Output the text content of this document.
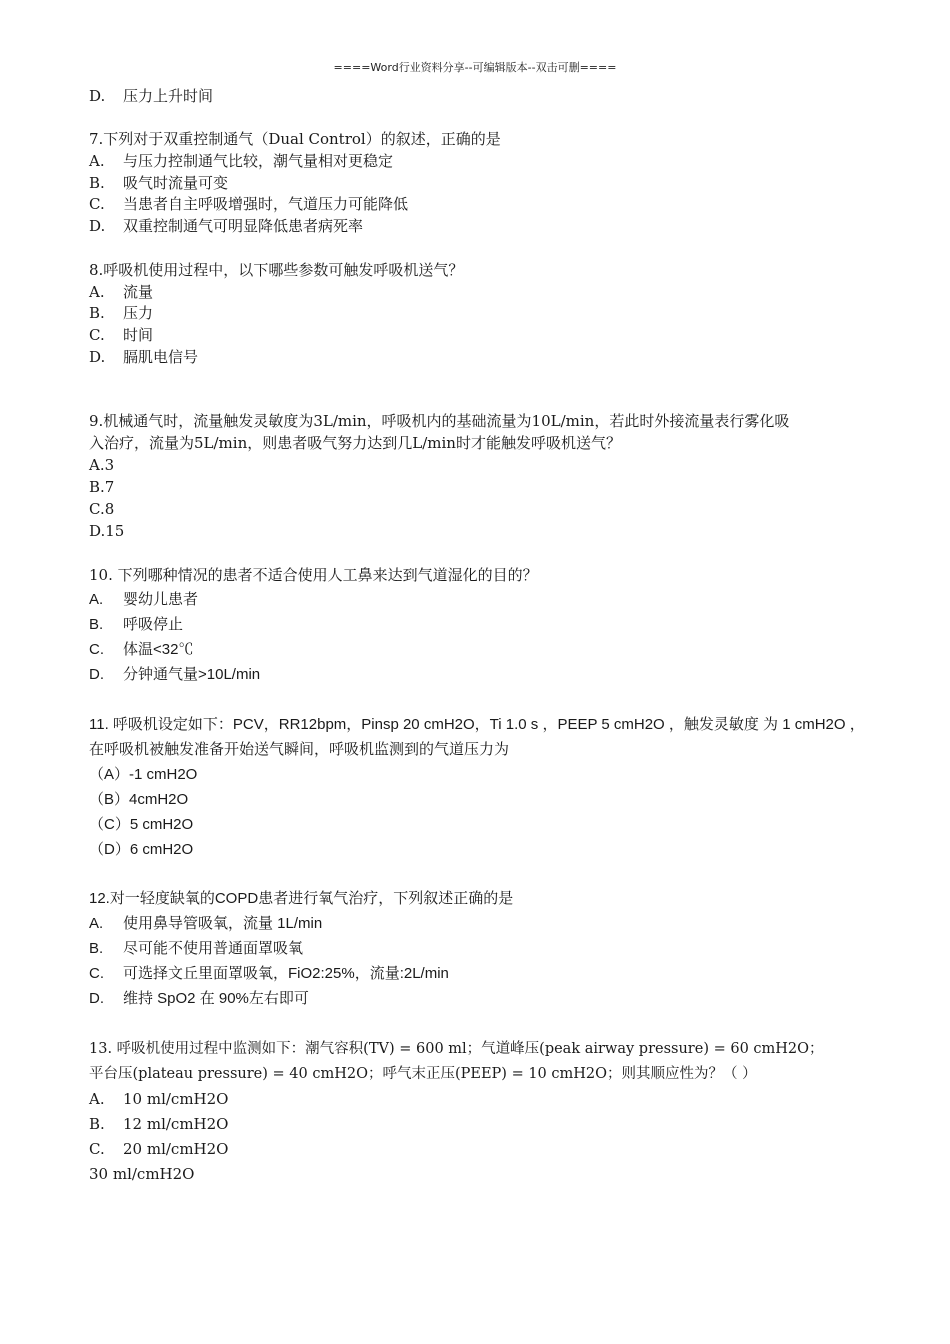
====Word行业资料分享--可编辑版本--双击可删====
D. 压力上升时间
7.下列对于双重控制通气（Dual Control）的叙述，正确的是
A. 与压力控制通气比较，潮气量相对更稳定
B. 吸气时流量可变
C. 当患者自主呼吸增强时，气道压力可能降低
D. 双重控制通气可明显降低患者病死率
8.呼吸机使用过程中，以下哪些参数可触发呼吸机送气？
A. 流量
B. 压力
C. 时间
D. 膈肌电信号
9.机械通气时，流量触发灵敏度为3L/min，呼吸机内的基础流量为10L/min，若此时外接流量表行雾化吸
入治疗，流量为5L/min，则患者吸气努力达到几L/min时才能触发呼吸机送气？
A.3
B.7
C.8
D.15
10. 下列哪种情况的患者不适合使用人工鼻来达到气道湿化的目的？
A. 婴幼儿患者
B. 呼吸停止
C. 体温<32℃
D. 分钟通气量>10L/min
11. 呼吸机设定如下：PCV，RR12bpm，Pinsp 20 cmH2O，Ti 1.0 s ，PEEP 5 cmH2O ，触发灵敏度 为 1 cmH2O ，
在呼吸机被触发准备开始送气瞬间，呼吸机监测到的气道压力为
（A）-1 cmH2O
（B）4cmH2O
（C）5 cmH2O
（D）6 cmH2O
12.对一轻度缺氧的COPD患者进行氧气治疗，下列叙述正确的是
A. 使用鼻导管吸氧，流量 1L/min
B. 尽可能不使用普通面罩吸氧
C. 可选择文丘里面罩吸氧，FiO2:25%，流量:2L/min
D. 维持 SpO2 在 90%左右即可
13. 呼吸机使用过程中监测如下：潮气容积(TV) = 600 ml；气道峰压(peak airway pressure) = 60 cmH2O；
平台压(plateau pressure) = 40 cmH2O；呼气末正压(PEEP) = 10 cmH2O；则其顺应性为？（ ）
A. 10 ml/cmH2O
B. 12 ml/cmH2O
C. 20 ml/cmH2O
30 ml/cmH2O
